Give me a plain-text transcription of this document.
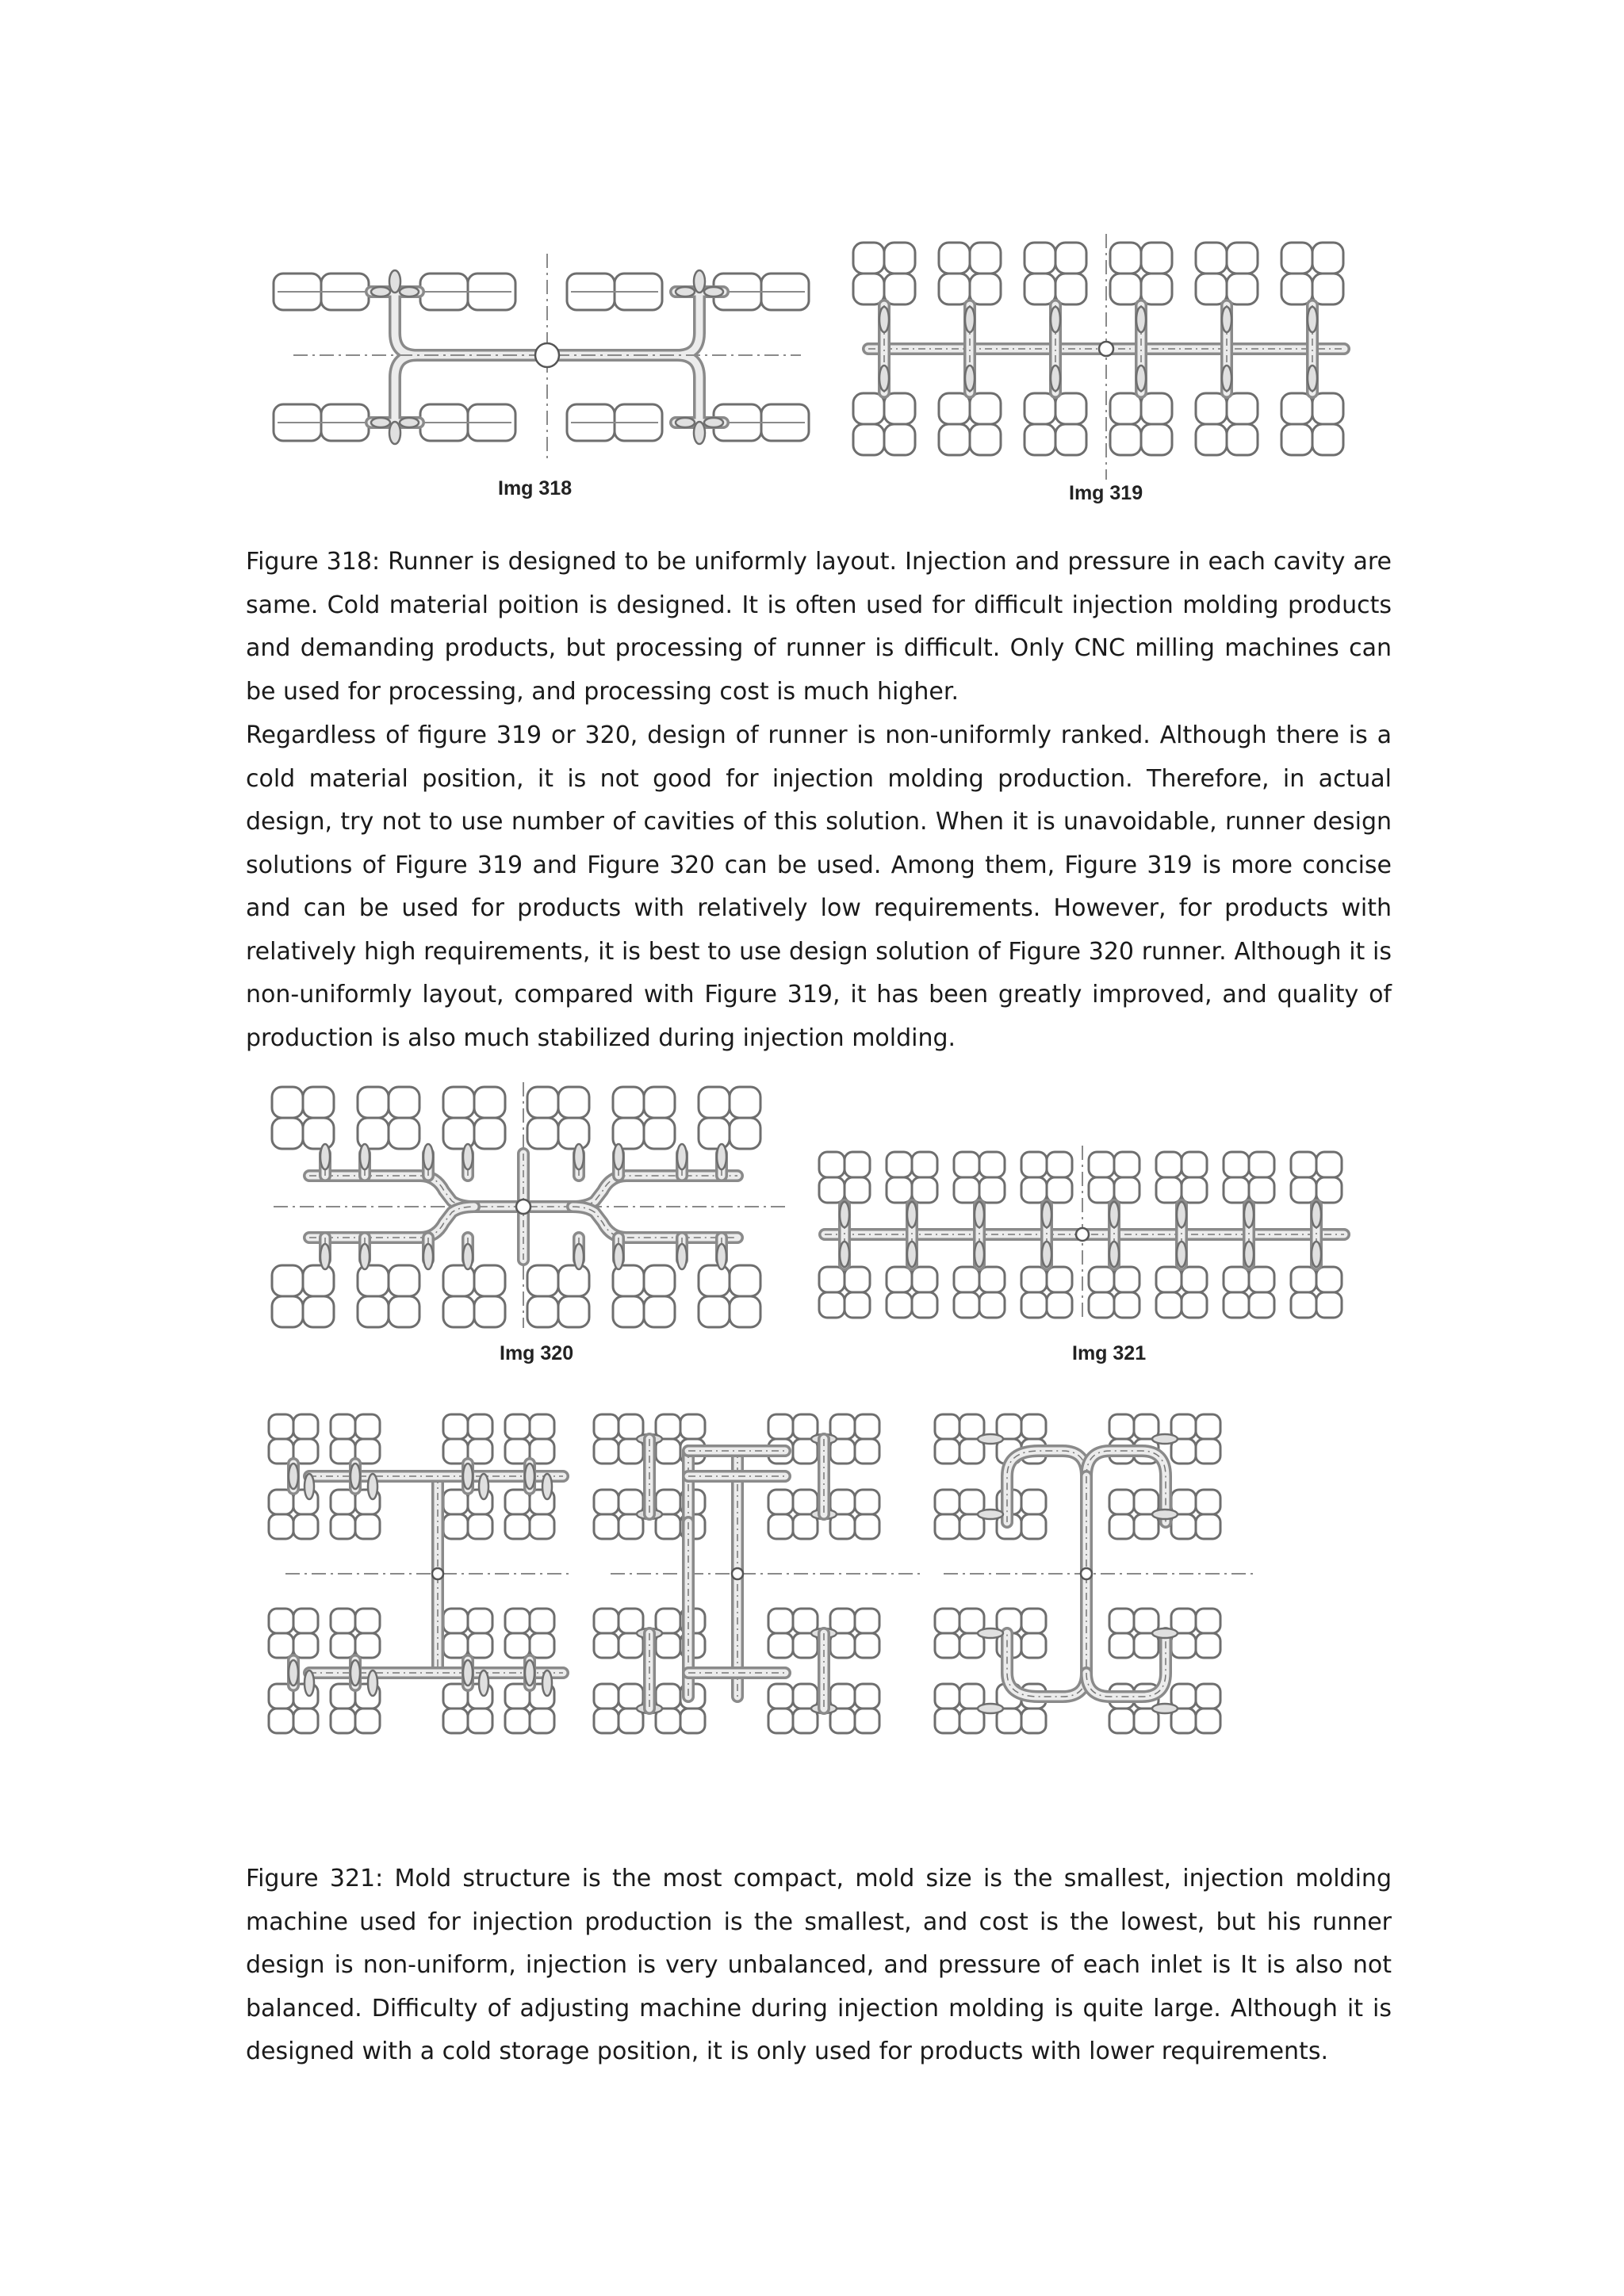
Img 318	Img 319

Figure 318: Runner is designed to be uniformly layout. Injection and pressure in each cavity are same. Cold material poition is designed. It is often used for difficult injection molding products and demanding products, but processing of runner is difficult. Only CNC milling machines can be used for processing, and processing cost is much higher.

Regardless of figure 319 or 320, design of runner is non-uniformly ranked. Although there is a cold material position, it is not good for injection molding production. Therefore, in actual design, try not to use number of cavities of this solution. When it is unavoidable, runner design solutions of Figure 319 and Figure 320 can be used. Among them, Figure 319 is more concise and can be used for products with relatively low requirements. However, for products with relatively high requirements, it is best to use design solution of Figure 320 runner. Although it is non-uniformly layout, compared with Figure 319, it has been greatly improved, and quality of production is also much stabilized during injection molding.

Img 320	Img 321

Figure 321: Mold structure is the most compact, mold size is the smallest, injection molding machine used for injection production is the smallest, and cost is the lowest, but his runner design is non-uniform, injection is very unbalanced, and pressure of each inlet is It is also not balanced. Difficulty of adjusting machine during injection molding is quite large. Although it is designed with a cold storage position, it is only used for products with lower requirements.
